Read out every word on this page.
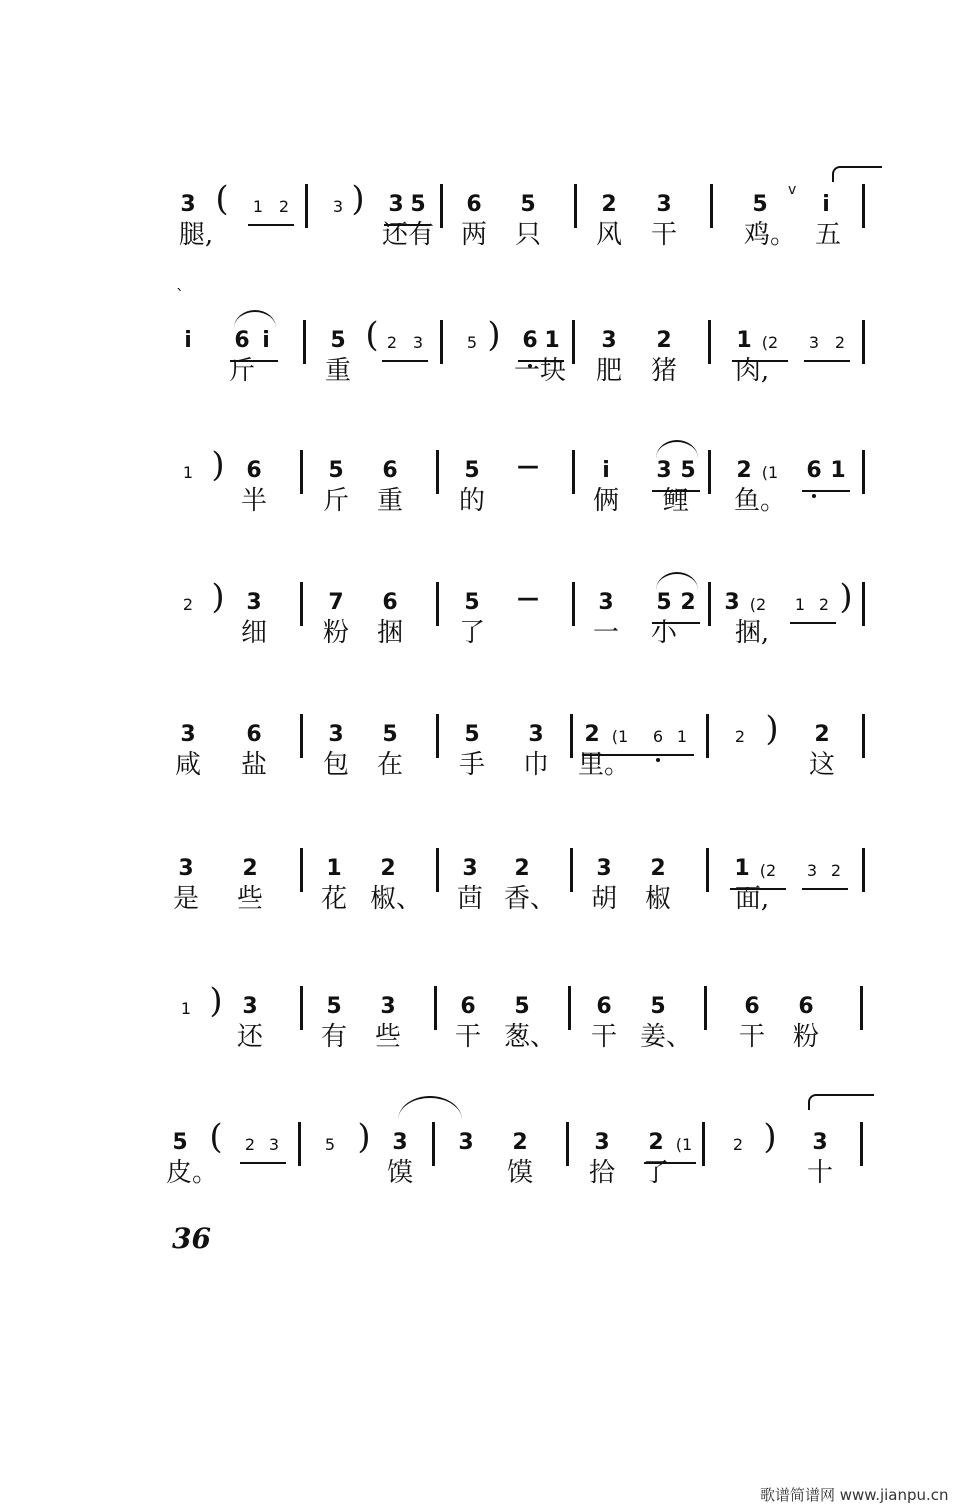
3 ( 1 2	3 ) 3 5 6 5	2 3	5
v
i
腿,	还有 两 只 风 干	鸡。 五
`
i 6 i	5 ( 2 3	5 ) 6 1 3 2	1 (2 3 2
斤	重	一块 肥 猪 肉,
1 ) 6	5 6	5 —	i 3 5 2 (1 6 1
半 斤 重 的	俩 鲤 鱼。
2 ) 3	7 6	5 —	3 5 2 3 (2 1 2 )
细 粉 捆 了	一 小 捆,
3 6	3 5	5 3 2 (1 6 1	2 ) 2
咸 盐 包 在 手 巾 里。	这
3 2	1 2	3 2	3 2	1 (2 3 2
是 些 花 椒、 茴 香、 胡 椒 面,
1 ) 3	5 3	6 5	6 5	6 6
还 有 些 干 葱、 干 姜、 干 粉
5 ( 2 3	5 ) 3 3 2	3 2 (1	2 ) 3
皮。	馍	馍 拾 了	十
36
歌谱简谱网 www.jianpu.cn
